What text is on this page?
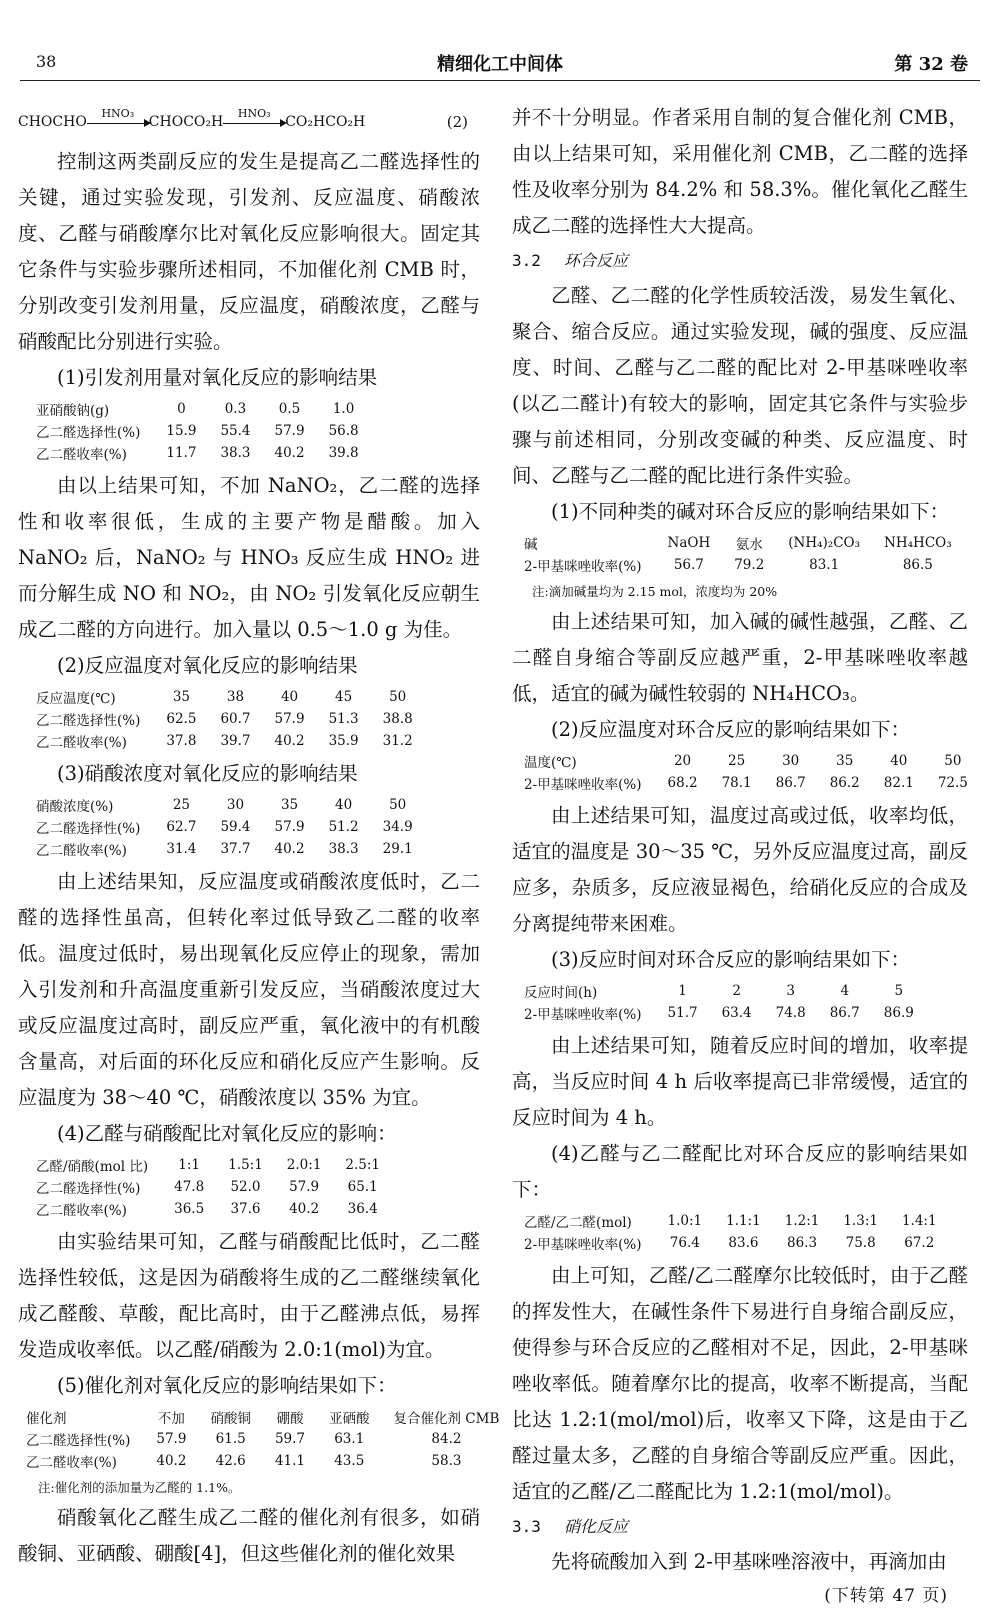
38	精细化工中间体	第 32 卷
CHOCHO
HNO₃
CHOCO₂H
HNO₃
CO₂HCO₂H	(2)

控制这两类副反应的发生是提高乙二醛选择性的关键，通过实验发现，引发剂、反应温度、硝酸浓度、乙醛与硝酸摩尔比对氧化反应影响很大。固定其它条件与实验步骤所述相同，不加催化剂 CMB 时，分别改变引发剂用量，反应温度，硝酸浓度，乙醛与硝酸配比分别进行实验。

(1)引发剂用量对氧化反应的影响结果

亚硝酸钠(g)	0	0.3	0.5	1.0
乙二醛选择性(%)	15.9	55.4	57.9	56.8
乙二醛收率(%)	11.7	38.3	40.2	39.8

由以上结果可知，不加 NaNO₂，乙二醛的选择性和收率很低，生成的主要产物是醋酸。加入 NaNO₂ 后，NaNO₂ 与 HNO₃ 反应生成 HNO₂ 进而分解生成 NO 和 NO₂，由 NO₂ 引发氧化反应朝生成乙二醛的方向进行。加入量以 0.5～1.0 g 为佳。

(2)反应温度对氧化反应的影响结果

反应温度(℃)	35	38	40	45	50
乙二醛选择性(%)	62.5	60.7	57.9	51.3	38.8
乙二醛收率(%)	37.8	39.7	40.2	35.9	31.2

(3)硝酸浓度对氧化反应的影响结果

硝酸浓度(%)	25	30	35	40	50
乙二醛选择性(%)	62.7	59.4	57.9	51.2	34.9
乙二醛收率(%)	31.4	37.7	40.2	38.3	29.1

由上述结果知，反应温度或硝酸浓度低时，乙二醛的选择性虽高，但转化率过低导致乙二醛的收率低。温度过低时，易出现氧化反应停止的现象，需加入引发剂和升高温度重新引发反应，当硝酸浓度过大或反应温度过高时，副反应严重，氧化液中的有机酸含量高，对后面的环化反应和硝化反应产生影响。反应温度为 38～40 ℃，硝酸浓度以 35% 为宜。

(4)乙醛与硝酸配比对氧化反应的影响：

乙醛/硝酸(mol 比)	1:1	1.5:1	2.0:1	2.5:1
乙二醛选择性(%)	47.8	52.0	57.9	65.1
乙二醛收率(%)	36.5	37.6	40.2	36.4

由实验结果可知，乙醛与硝酸配比低时，乙二醛选择性较低，这是因为硝酸将生成的乙二醛继续氧化成乙醛酸、草酸，配比高时，由于乙醛沸点低，易挥发造成收率低。以乙醛/硝酸为 2.0:1(mol)为宜。

(5)催化剂对氧化反应的影响结果如下：

催化剂	不加	硝酸铜	硼酸	亚硒酸	复合催化剂 CMB
乙二醛选择性(%)	57.9	61.5	59.7	63.1	84.2
乙二醛收率(%)	40.2	42.6	41.1	43.5	58.3

注:催化剂的添加量为乙醛的 1.1%。

硝酸氧化乙醛生成乙二醛的催化剂有很多，如硝酸铜、亚硒酸、硼酸[4]，但这些催化剂的催化效果

并不十分明显。作者采用自制的复合催化剂 CMB，由以上结果可知，采用催化剂 CMB，乙二醛的选择性及收率分别为 84.2% 和 58.3%。催化氧化乙醛生成乙二醛的选择性大大提高。

3.2 环合反应

乙醛、乙二醛的化学性质较活泼，易发生氧化、聚合、缩合反应。通过实验发现，碱的强度、反应温度、时间、乙醛与乙二醛的配比对 2-甲基咪唑收率(以乙二醛计)有较大的影响，固定其它条件与实验步骤与前述相同，分别改变碱的种类、反应温度、时间、乙醛与乙二醛的配比进行条件实验。

(1)不同种类的碱对环合反应的影响结果如下：

碱	NaOH	氨水	(NH₄)₂CO₃	NH₄HCO₃
2-甲基咪唑收率(%)	56.7	79.2	83.1	86.5

注:滴加碱量均为 2.15 mol，浓度均为 20%

由上述结果可知，加入碱的碱性越强，乙醛、乙二醛自身缩合等副反应越严重，2-甲基咪唑收率越低，适宜的碱为碱性较弱的 NH₄HCO₃。

(2)反应温度对环合反应的影响结果如下：

温度(℃)	20	25	30	35	40	50
2-甲基咪唑收率(%)	68.2	78.1	86.7	86.2	82.1	72.5

由上述结果可知，温度过高或过低，收率均低，适宜的温度是 30～35 ℃，另外反应温度过高，副反应多，杂质多，反应液显褐色，给硝化反应的合成及分离提纯带来困难。

(3)反应时间对环合反应的影响结果如下：

反应时间(h)	1	2	3	4	5
2-甲基咪唑收率(%)	51.7	63.4	74.8	86.7	86.9

由上述结果可知，随着反应时间的增加，收率提高，当反应时间 4 h 后收率提高已非常缓慢，适宜的反应时间为 4 h。

(4)乙醛与乙二醛配比对环合反应的影响结果如下：

乙醛/乙二醛(mol)	1.0:1	1.1:1	1.2:1	1.3:1	1.4:1
2-甲基咪唑收率(%)	76.4	83.6	86.3	75.8	67.2

由上可知，乙醛/乙二醛摩尔比较低时，由于乙醛的挥发性大，在碱性条件下易进行自身缩合副反应，使得参与环合反应的乙醛相对不足，因此，2-甲基咪唑收率低。随着摩尔比的提高，收率不断提高，当配比达 1.2:1(mol/mol)后，收率又下降，这是由于乙醛过量太多，乙醛的自身缩合等副反应严重。因此，适宜的乙醛/乙二醛配比为 1.2:1(mol/mol)。

3.3 硝化反应

先将硫酸加入到 2-甲基咪唑溶液中，再滴加由

(下转第 47 页)
